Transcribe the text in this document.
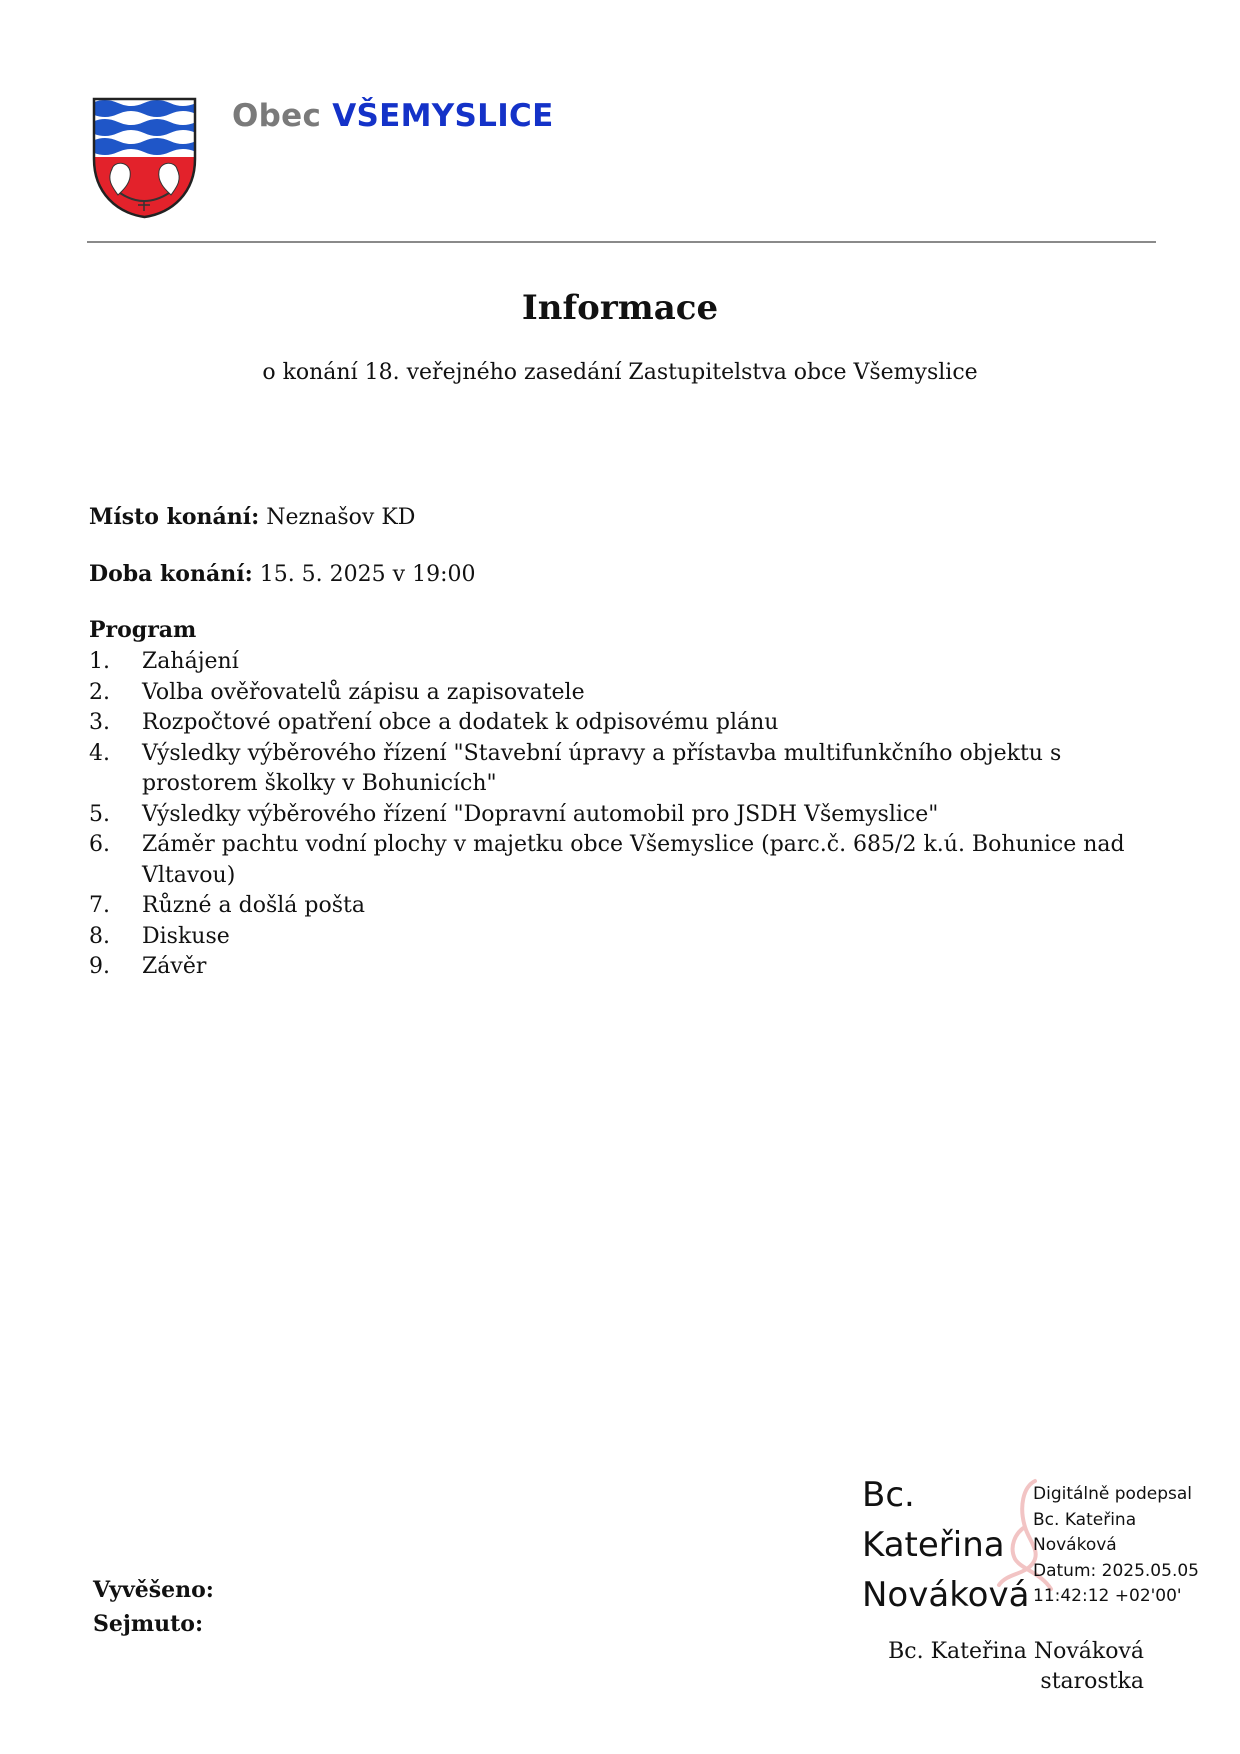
Obec VŠEMYSLICE
Informace
o konání 18. veřejného zasedání Zastupitelstva obce Všemyslice
Místo konání: Neznašov KD
Doba konání: 15. 5. 2025 v 19:00
Program
1. Zahájení
2. Volba ověřovatelů zápisu a zapisovatele
3. Rozpočtové opatření obce a dodatek k odpisovému plánu
4. Výsledky výběrového řízení "Stavební úpravy a přístavba multifunkčního objektu s prostorem školky v Bohunicích"
5. Výsledky výběrového řízení "Dopravní automobil pro JSDH Všemyslice"
6. Záměr pachtu vodní plochy v majetku obce Všemyslice (parc.č. 685/2 k.ú. Bohunice nad Vltavou)
7. Různé a došlá pošta
8. Diskuse
9. Závěr
Vyvěšeno:
Sejmuto:
Bc.
Kateřina
Nováková
Digitálně podepsal
Bc. Kateřina
Nováková
Datum: 2025.05.05
11:42:12 +02'00'
Bc. Kateřina Nováková
starostka
